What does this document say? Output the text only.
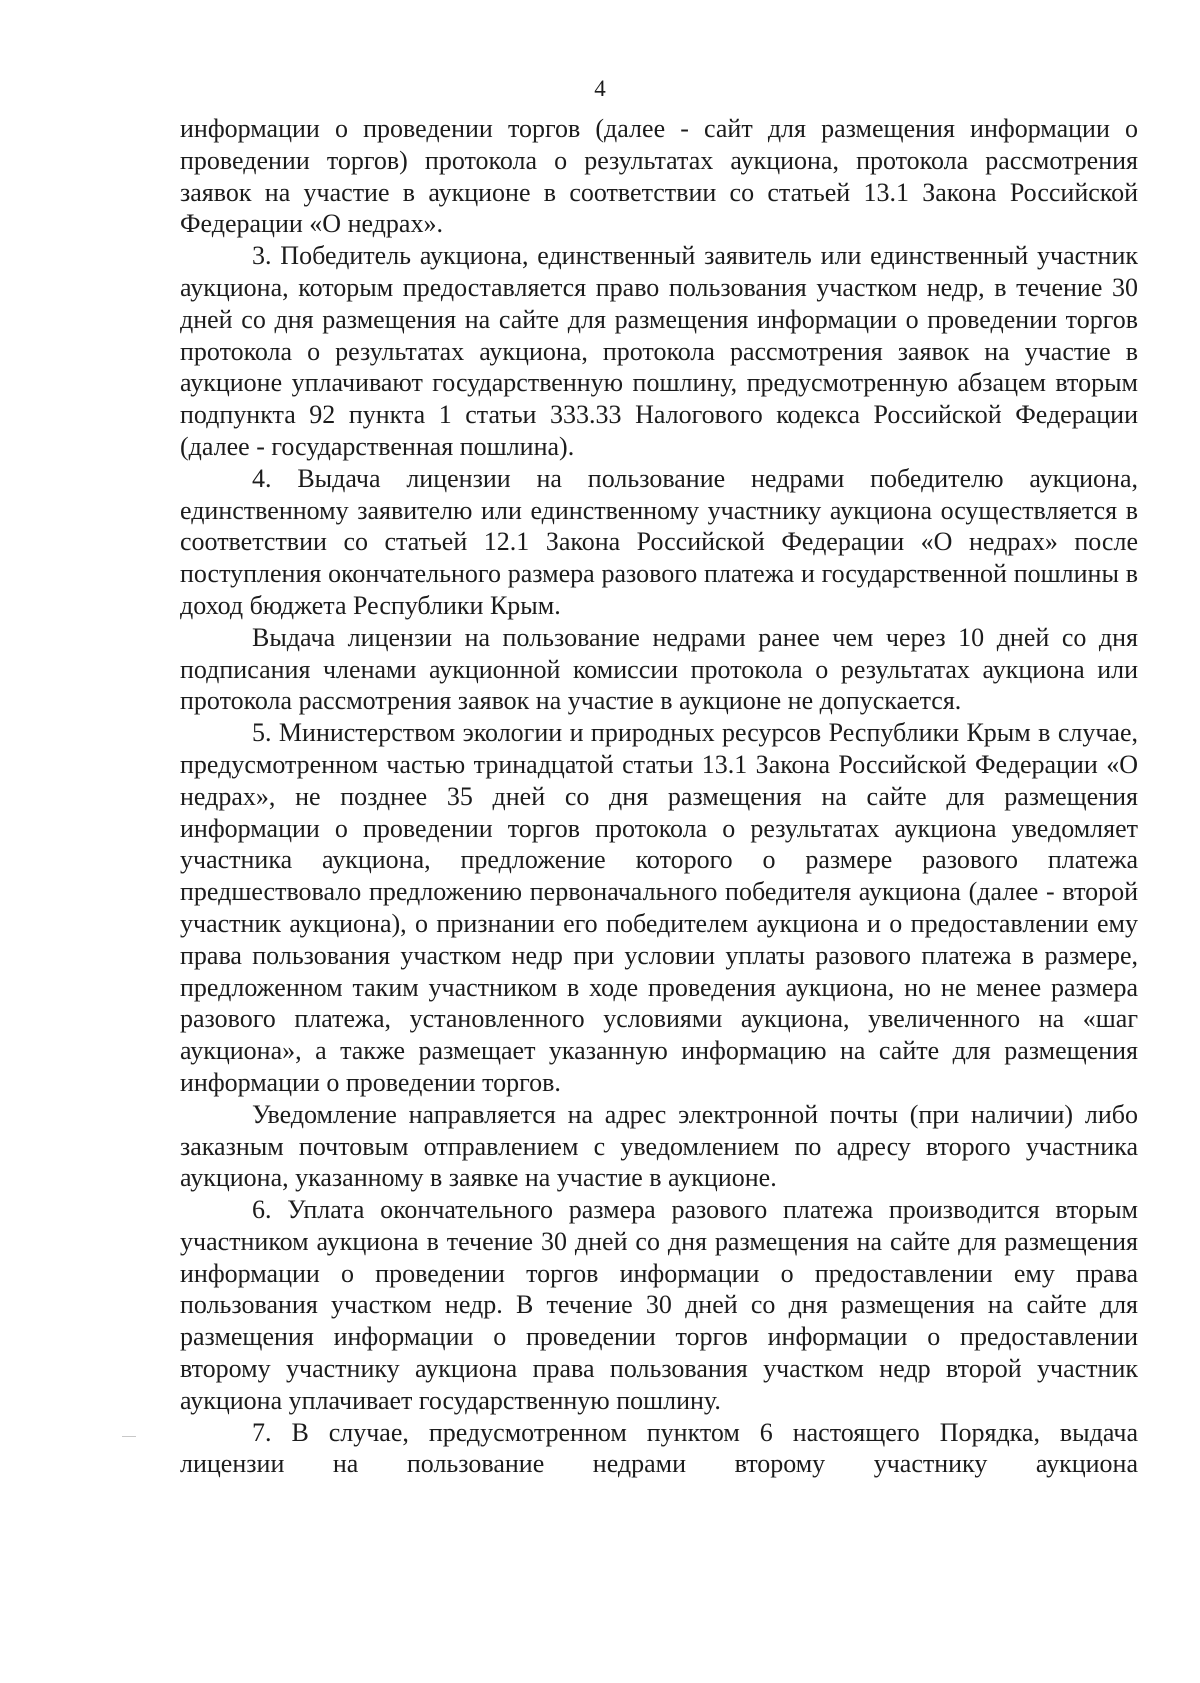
4

информации о проведении торгов (далее - сайт для размещения информации о проведении торгов) протокола о результатах аукциона, протокола рассмотрения заявок на участие в аукционе в соответствии со статьей 13.1 Закона Российской Федерации «О недрах».

3. Победитель аукциона, единственный заявитель или единственный участник аукциона, которым предоставляется право пользования участком недр, в течение 30 дней со дня размещения на сайте для размещения информации о проведении торгов протокола о результатах аукциона, протокола рассмотрения заявок на участие в аукционе уплачивают государственную пошлину, предусмотренную абзацем вторым подпункта 92 пункта 1 статьи 333.33 Налогового кодекса Российской Федерации (далее - государственная пошлина).

4. Выдача лицензии на пользование недрами победителю аукциона, единственному заявителю или единственному участнику аукциона осуществляется в соответствии со статьей 12.1 Закона Российской Федерации «О недрах» после поступления окончательного размера разового платежа и государственной пошлины в доход бюджета Республики Крым.

Выдача лицензии на пользование недрами ранее чем через 10 дней со дня подписания членами аукционной комиссии протокола о результатах аукциона или протокола рассмотрения заявок на участие в аукционе не допускается.

5. Министерством экологии и природных ресурсов Республики Крым в случае, предусмотренном частью тринадцатой статьи 13.1 Закона Российской Федерации «О недрах», не позднее 35 дней со дня размещения на сайте для размещения информации о проведении торгов протокола о результатах аукциона уведомляет участника аукциона, предложение которого о размере разового платежа предшествовало предложению первоначального победителя аукциона (далее - второй участник аукциона), о признании его победителем аукциона и о предоставлении ему права пользования участком недр при условии уплаты разового платежа в размере, предложенном таким участником в ходе проведения аукциона, но не менее размера разового платежа, установленного условиями аукциона, увеличенного на «шаг аукциона», а также размещает указанную информацию на сайте для размещения информации о проведении торгов.

Уведомление направляется на адрес электронной почты (при наличии) либо заказным почтовым отправлением с уведомлением по адресу второго участника аукциона, указанному в заявке на участие в аукционе.

6. Уплата окончательного размера разового платежа производится вторым участником аукциона в течение 30 дней со дня размещения на сайте для размещения информации о проведении торгов информации о предоставлении ему права пользования участком недр. В течение 30 дней со дня размещения на сайте для размещения информации о проведении торгов информации о предоставлении второму участнику аукциона права пользования участком недр второй участник аукциона уплачивает государственную пошлину.

7. В случае, предусмотренном пунктом 6 настоящего Порядка, выдача лицензии на пользование недрами второму участнику аукциона
